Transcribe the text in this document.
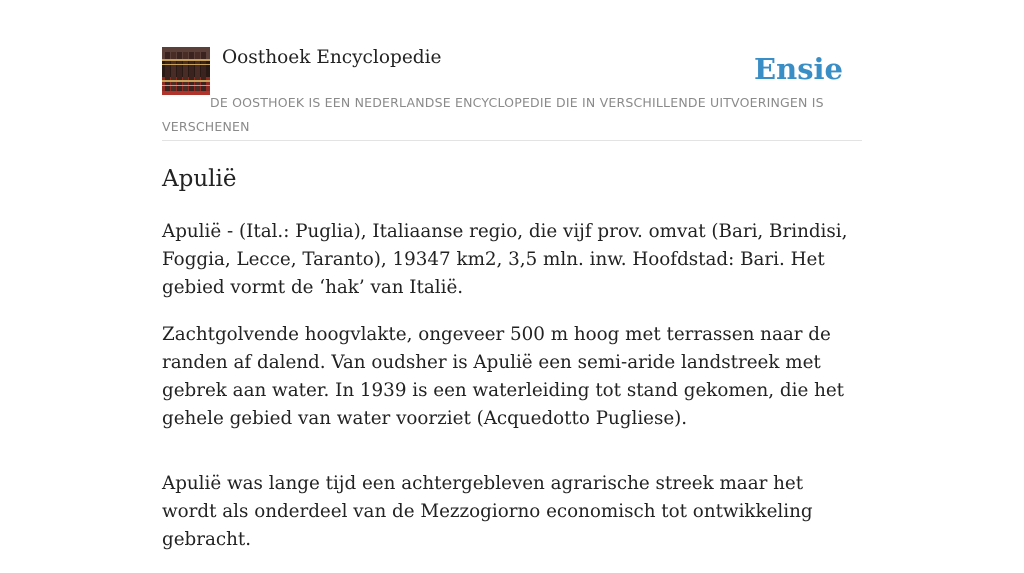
Oosthoek Encyclopedie	Ensie
DE OOSTHOEK IS EEN NEDERLANDSE ENCYCLOPEDIE DIE IN VERSCHILLENDE UITVOERINGEN IS VERSCHENEN
Apulië

Apulië - (Ital.: Puglia), Italiaanse regio, die vijf prov. omvat (Bari, Brindisi, Foggia, Lecce, Taranto), 19347 km2, 3,5 mln. inw. Hoofdstad: Bari. Het gebied vormt de ‘hak’ van Italië.

Zachtgolvende hoogvlakte, ongeveer 500 m hoog met terrassen naar de randen af dalend. Van oudsher is Apulië een semi-aride landstreek met gebrek aan water. In 1939 is een waterleiding tot stand gekomen, die het gehele gebied van water voorziet (Acquedotto Pugliese).

Apulië was lange tijd een achtergebleven agrarische streek maar het wordt als onderdeel van de Mezzogiorno economisch tot ontwikkeling gebracht.
